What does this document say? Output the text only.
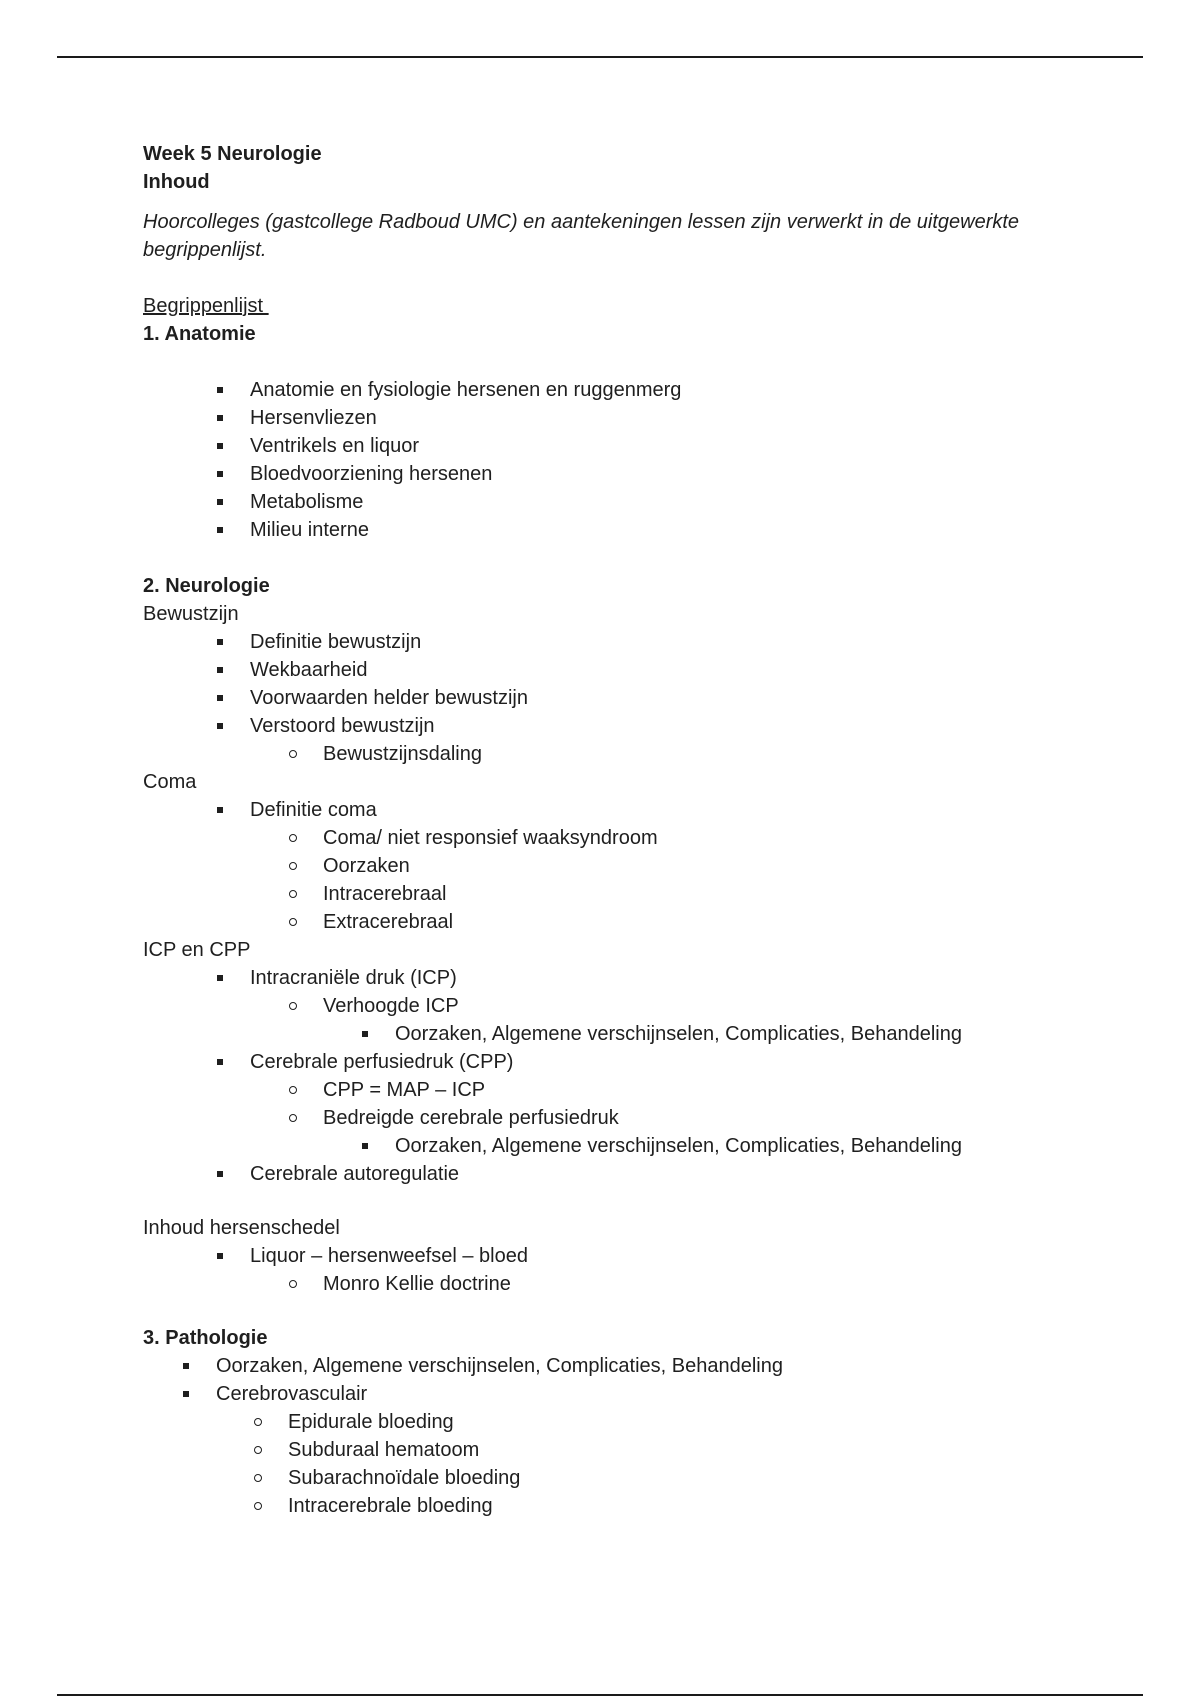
Week 5 Neurologie
Inhoud
Hoorcolleges (gastcollege Radboud UMC) en aantekeningen lessen zijn verwerkt in de uitgewerkte
begrippenlijst.
Begrippenlijst
1. Anatomie
Anatomie en fysiologie hersenen en ruggenmerg
Hersenvliezen
Ventrikels en liquor
Bloedvoorziening hersenen
Metabolisme
Milieu interne
2. Neurologie
Bewustzijn
Definitie bewustzijn
Wekbaarheid
Voorwaarden helder bewustzijn
Verstoord bewustzijn
Bewustzijnsdaling
Coma
Definitie coma
Coma/ niet responsief waaksyndroom
Oorzaken
Intracerebraal
Extracerebraal
ICP en CPP
Intracraniële druk (ICP)
Verhoogde ICP
Oorzaken, Algemene verschijnselen, Complicaties, Behandeling
Cerebrale perfusiedruk (CPP)
CPP = MAP – ICP
Bedreigde cerebrale perfusiedruk
Oorzaken, Algemene verschijnselen, Complicaties, Behandeling
Cerebrale autoregulatie
Inhoud hersenschedel
Liquor – hersenweefsel – bloed
Monro Kellie doctrine
3. Pathologie
Oorzaken, Algemene verschijnselen, Complicaties, Behandeling
Cerebrovasculair
Epidurale bloeding
Subduraal hematoom
Subarachnoïdale bloeding
Intracerebrale bloeding
